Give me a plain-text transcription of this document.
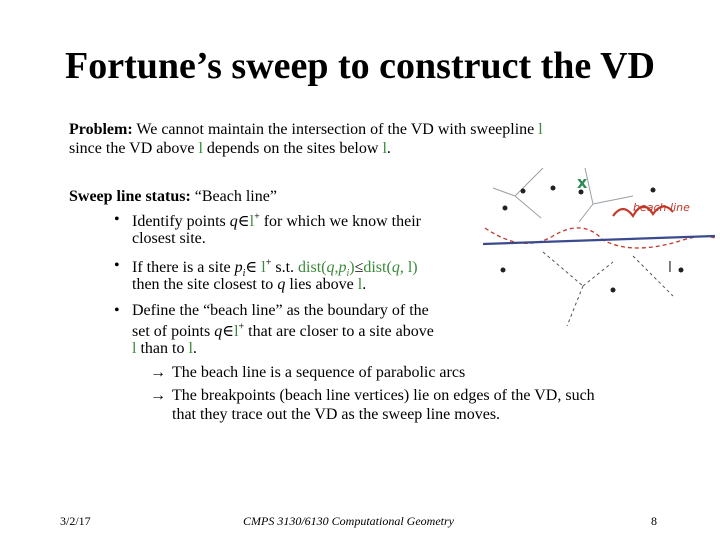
Fortune’s sweep to construct the VD
Problem: We cannot maintain the intersection of the VD with sweepline l
since the VD above l depends on the sites below l.
Sweep line status: “Beach line”
• Identify points q∈l+ for which we know their
closest site.
• If there is a site $p_i\in$ l+ s.t. $dist(q,p_i)\le dist(q$, l)
then the site closest to q lies above l.
• Define the “beach line” as the boundary of the
set of points q∈l+ that are closer to a site above
l than to l.
→ The beach line is a sequence of parabolic arcs
→ The breakpoints (beach line vertices) lie on edges of the VD, such
that they trace out the VD as the sweep line moves.
x
beach line
l
3/2/17	CMPS 3130/6130 Computational Geometry	8
